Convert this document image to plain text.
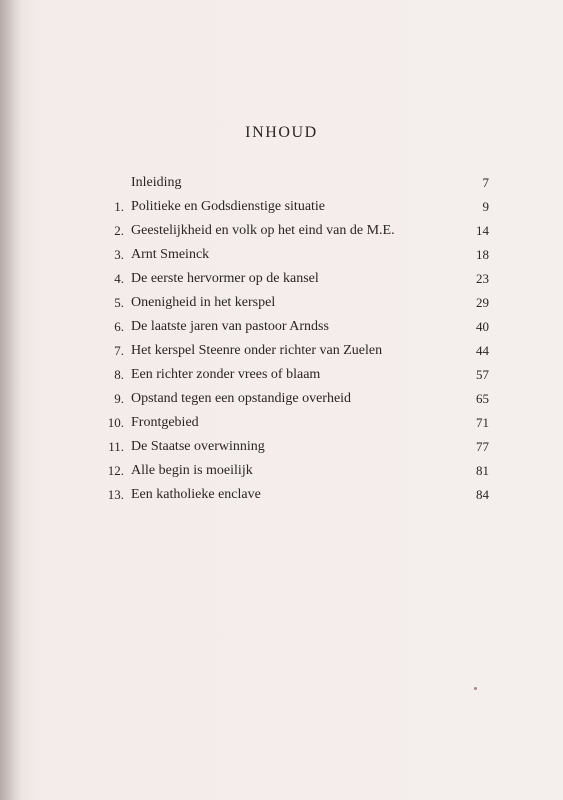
INHOUD
Inleiding	7
1. Politieke en Godsdienstige situatie	9
2. Geestelijkheid en volk op het eind van de M.E.	14
3. Arnt Smeinck	18
4. De eerste hervormer op de kansel	23
5. Onenigheid in het kerspel	29
6. De laatste jaren van pastoor Arndss	40
7. Het kerspel Steenre onder richter van Zuelen	44
8. Een richter zonder vrees of blaam	57
9. Opstand tegen een opstandige overheid	65
10. Frontgebied	71
11. De Staatse overwinning	77
12. Alle begin is moeilijk	81
13. Een katholieke enclave	84
